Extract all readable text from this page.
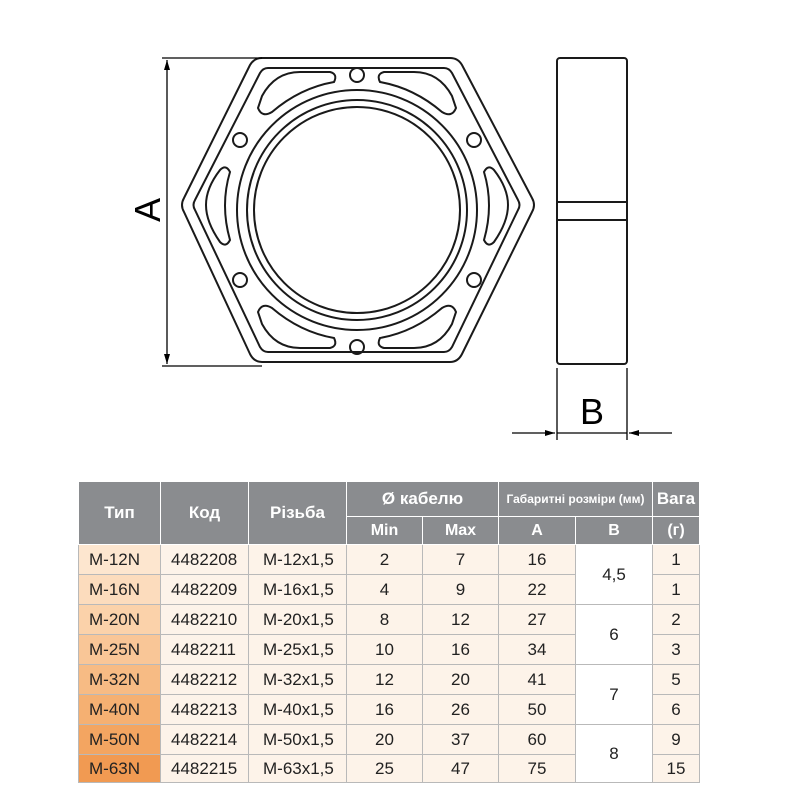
A
B
Тип	Код	Різьба	Ø кабелю		Габаритні розміри (мм)		Вага
			Min	Max	A	B	(г)
M-12N	4482208	M-12x1,5	2	7	16	4,5	1
M-16N	4482209	M-16x1,5	4	9	22		1
M-20N	4482210	M-20x1,5	8	12	27	6	2
M-25N	4482211	M-25x1,5	10	16	34		3
M-32N	4482212	M-32x1,5	12	20	41	7	5
M-40N	4482213	M-40x1,5	16	26	50		6
M-50N	4482214	M-50x1,5	20	37	60	8	9
M-63N	4482215	M-63x1,5	25	47	75		15
